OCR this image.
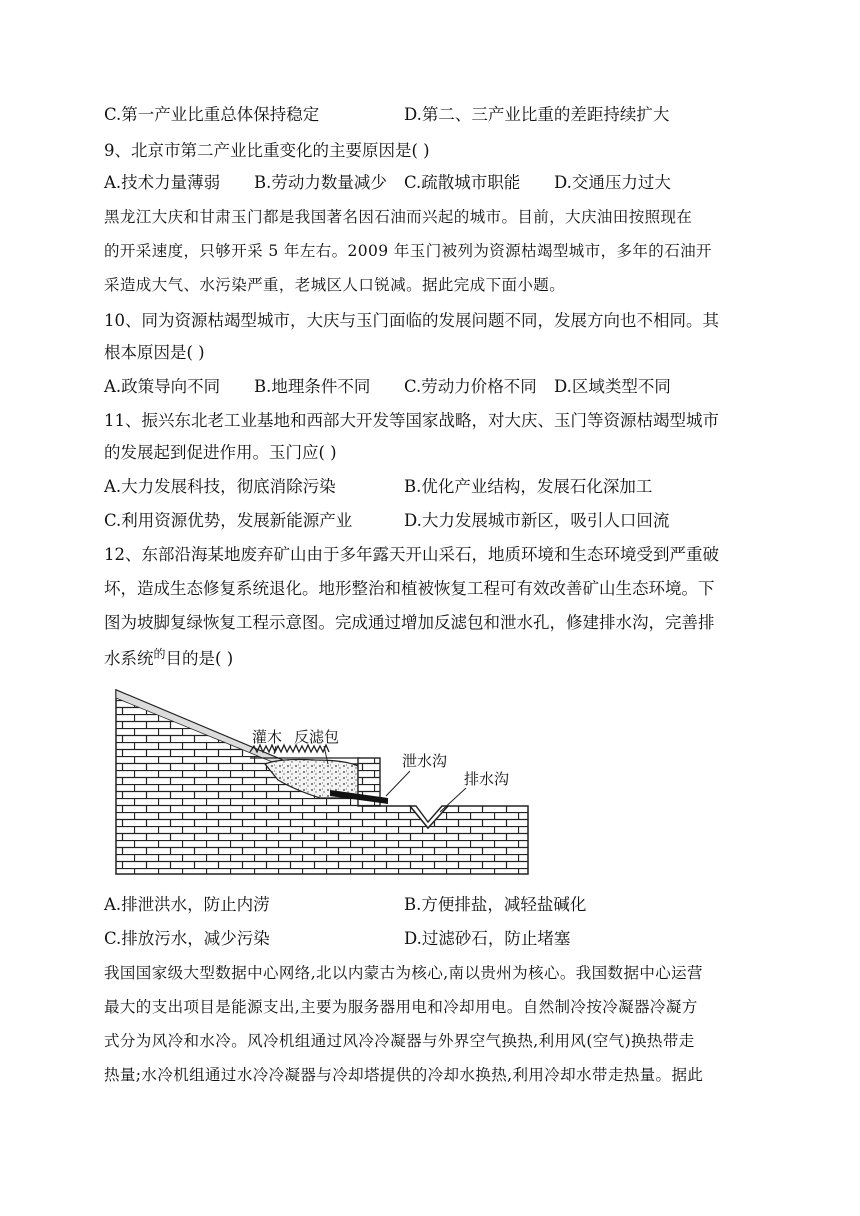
C.第一产业比重总体保持稳定	D.第二、三产业比重的差距持续扩大
9、北京市第二产业比重变化的主要原因是( )
A.技术力量薄弱 B.劳动力数量减少 C.疏散城市职能 D.交通压力过大
黑龙江大庆和甘肃玉门都是我国著名因石油而兴起的城市。目前，大庆油田按照现在
的开采速度，只够开采 5 年左右。2009 年玉门被列为资源枯竭型城市，多年的石油开
采造成大气、水污染严重，老城区人口锐减。据此完成下面小题。
10、同为资源枯竭型城市，大庆与玉门面临的发展问题不同，发展方向也不相同。其
根本原因是( )
A.政策导向不同 B.地理条件不同 C.劳动力价格不同 D.区域类型不同
11、振兴东北老工业基地和西部大开发等国家战略，对大庆、玉门等资源枯竭型城市
的发展起到促进作用。玉门应( )
A.大力发展科技，彻底消除污染	B.优化产业结构，发展石化深加工
C.利用资源优势，发展新能源产业	D.大力发展城市新区，吸引人口回流
12、东部沿海某地废弃矿山由于多年露天开山采石，地质环境和生态环境受到严重破
坏，造成生态修复系统退化。地形整治和植被恢复工程可有效改善矿山生态环境。下
图为坡脚复绿恢复工程示意图。完成通过增加反滤包和泄水孔，修建排水沟，完善排
水系统$^的$目的是( )
灌木 反滤包
泄水沟
排水沟
A.排泄洪水，防止内涝	B.方便排盐，减轻盐碱化
C.排放污水，减少污染	D.过滤砂石，防止堵塞
我国国家级大型数据中心网络,北以内蒙古为核心,南以贵州为核心。我国数据中心运营
最大的支出项目是能源支出,主要为服务器用电和冷却用电。自然制冷按冷凝器冷凝方
式分为风冷和水冷。风冷机组通过风冷冷凝器与外界空气换热,利用风(空气)换热带走
热量;水冷机组通过水冷冷凝器与冷却塔提供的冷却水换热,利用冷却水带走热量。据此
